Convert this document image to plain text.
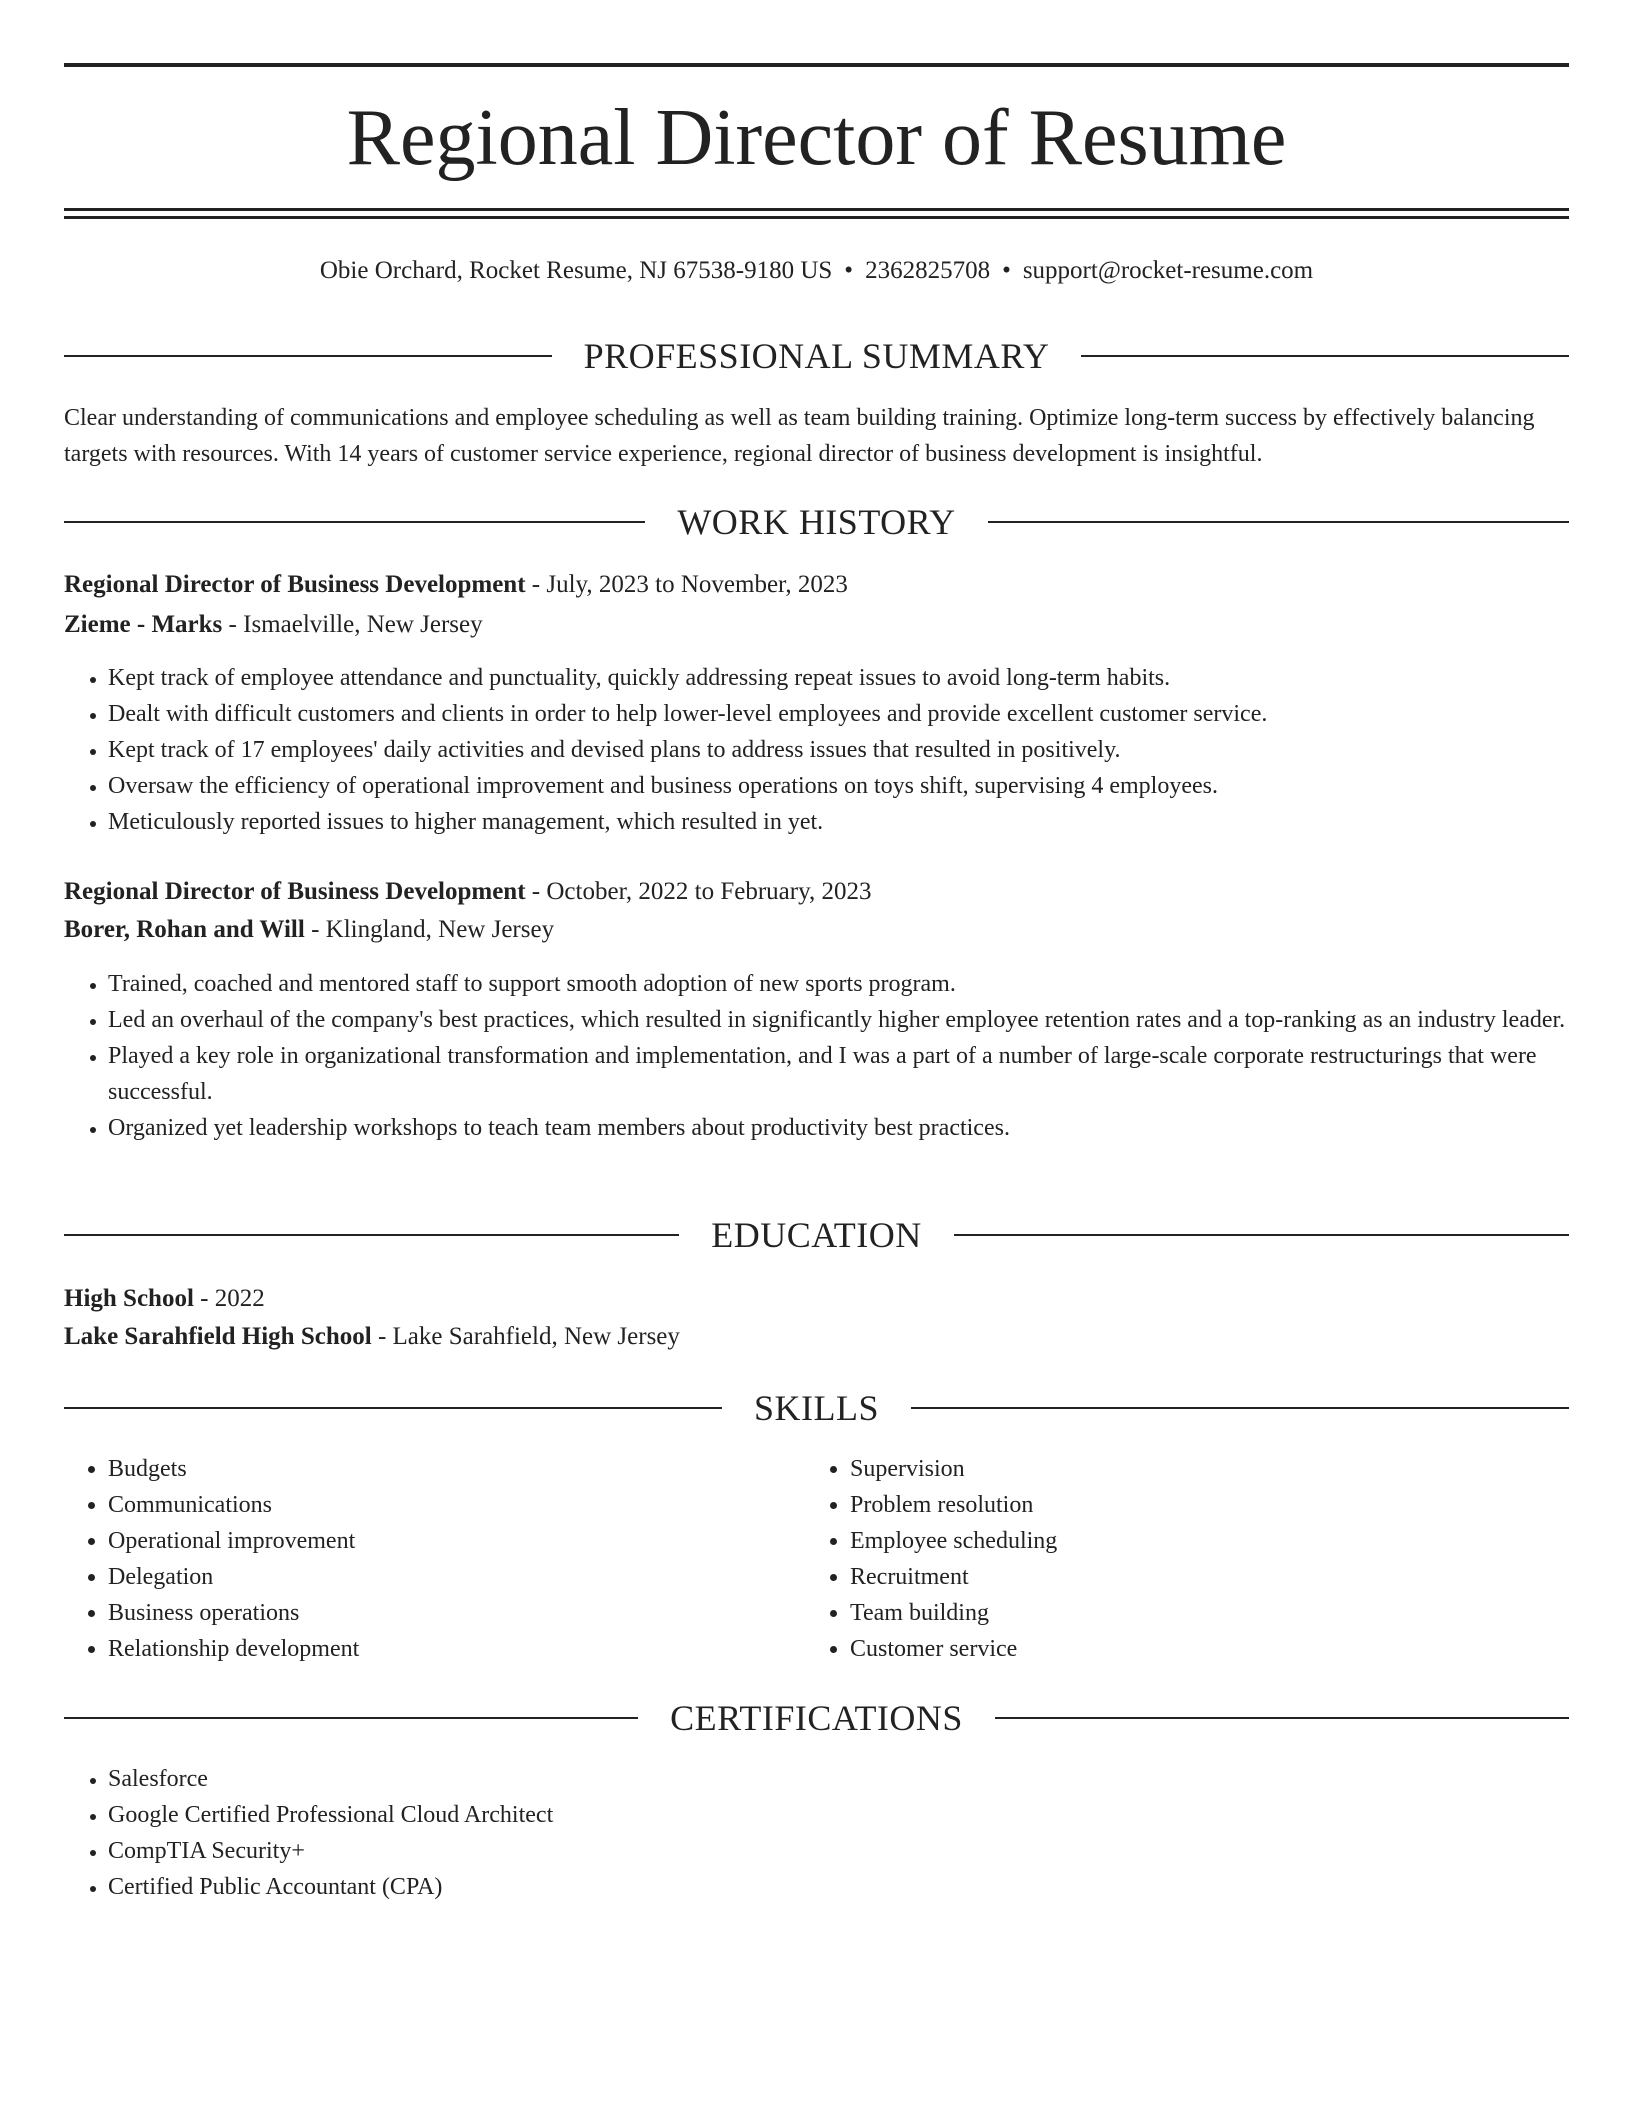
Regional Director of Resume
Obie Orchard, Rocket Resume, NJ 67538-9180 US • 2362825708 • support@rocket-resume.com
PROFESSIONAL SUMMARY

Clear understanding of communications and employee scheduling as well as team building training. Optimize long-term success by effectively balancing targets with resources. With 14 years of customer service experience, regional director of business development is insightful.

WORK HISTORY
Regional Director of Business Development - July, 2023 to November, 2023
Zieme - Marks - Ismaelville, New Jersey
• Kept track of employee attendance and punctuality, quickly addressing repeat issues to avoid long-term habits.
• Dealt with difficult customers and clients in order to help lower-level employees and provide excellent customer service.
• Kept track of 17 employees' daily activities and devised plans to address issues that resulted in positively.
• Oversaw the efficiency of operational improvement and business operations on toys shift, supervising 4 employees.
• Meticulously reported issues to higher management, which resulted in yet.
Regional Director of Business Development - October, 2022 to February, 2023
Borer, Rohan and Will - Klingland, New Jersey
• Trained, coached and mentored staff to support smooth adoption of new sports program.
• Led an overhaul of the company's best practices, which resulted in significantly higher employee retention rates and a top-ranking as an industry leader.
• Played a key role in organizational transformation and implementation, and I was a part of a number of large-scale corporate restructurings that were successful.
• Organized yet leadership workshops to teach team members about productivity best practices.
EDUCATION
High School - 2022
Lake Sarahfield High School - Lake Sarahfield, New Jersey
SKILLS
• Budgets
• Communications
• Operational improvement
• Delegation
• Business operations
• Relationship development
• Supervision
• Problem resolution
• Employee scheduling
• Recruitment
• Team building
• Customer service
CERTIFICATIONS
• Salesforce
• Google Certified Professional Cloud Architect
• CompTIA Security+
• Certified Public Accountant (CPA)
